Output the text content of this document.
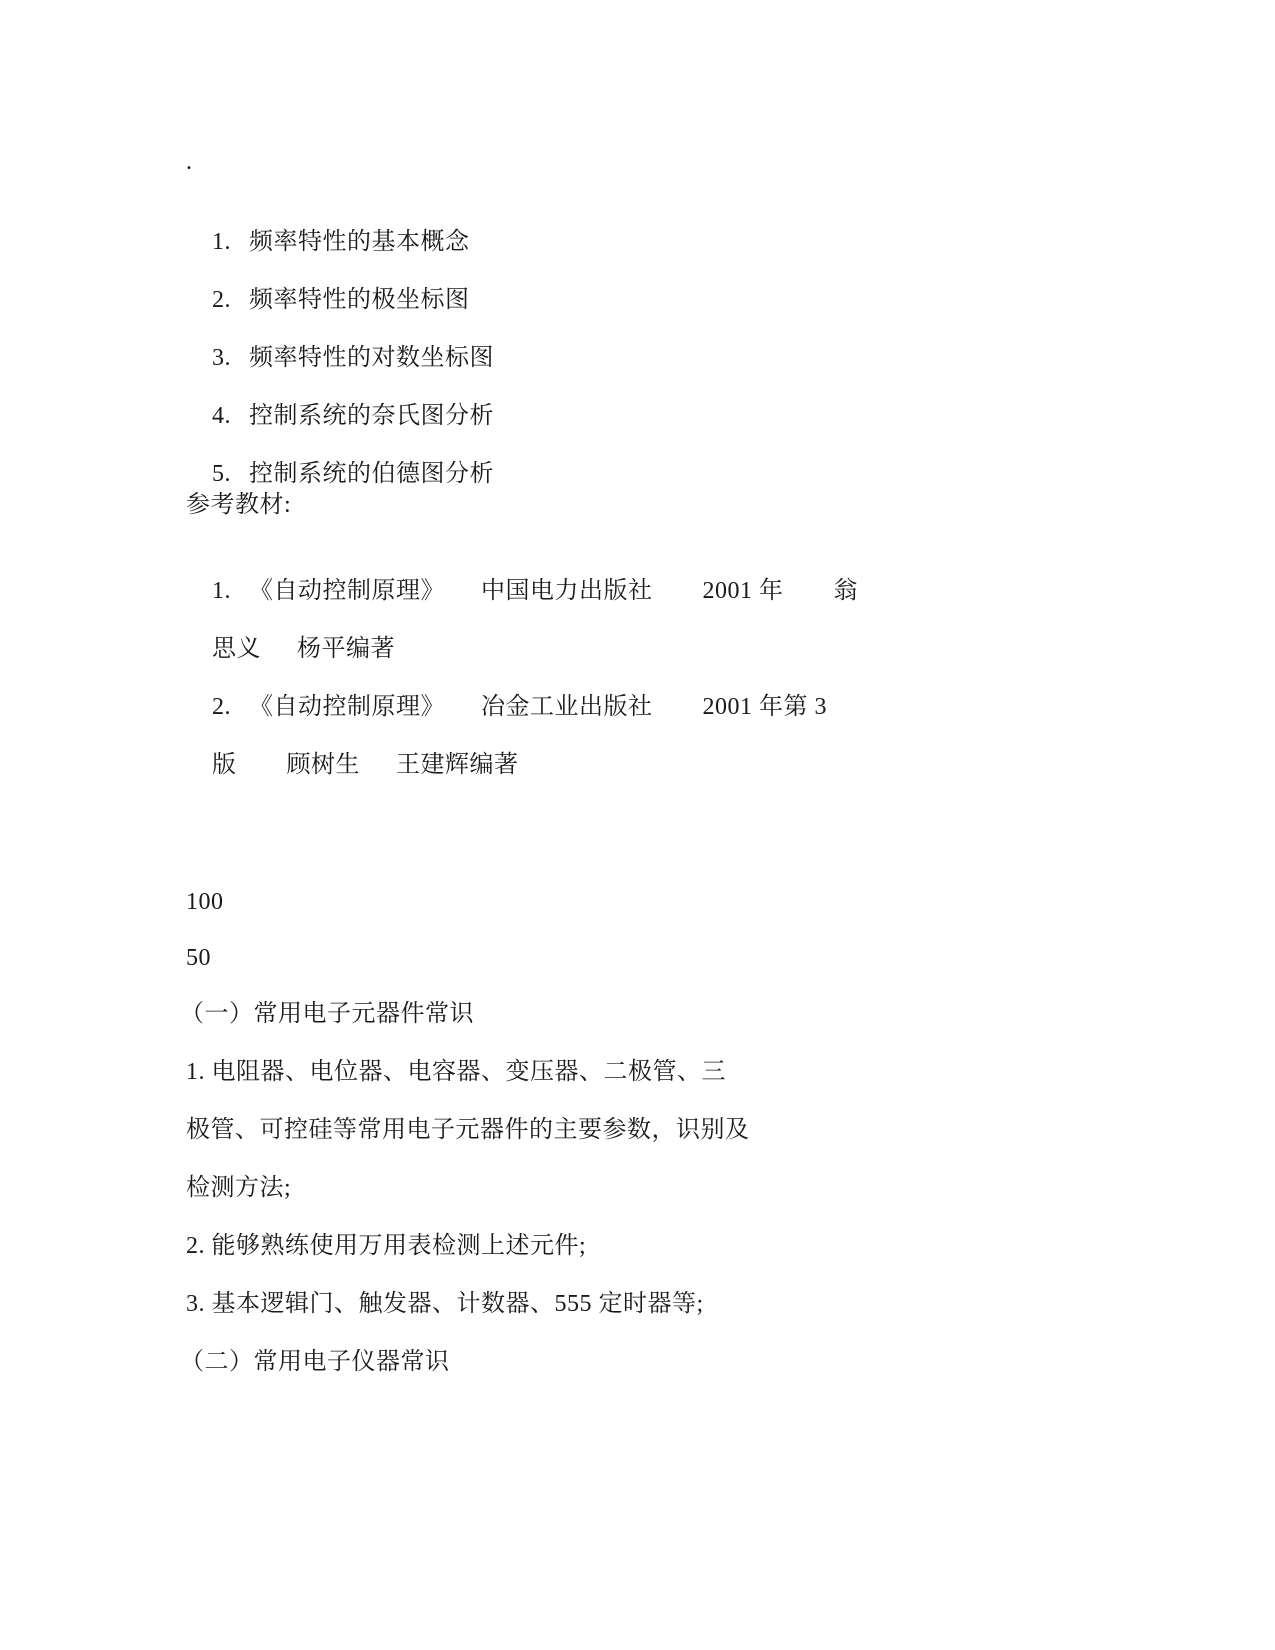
.

1. 频率特性的基本概念

2. 频率特性的极坐标图

3. 频率特性的对数坐标图

4. 控制系统的奈氏图分析

5. 控制系统的伯德图分析

参考教材:

1. 《自动控制原理》 中国电力出版社 2001 年 翁

思义 杨平编著

2. 《自动控制原理》 冶金工业出版社 2001 年第 3

版 顾树生 王建辉编著

100
50
（一）常用电子元器件常识
1. 电阻器、电位器、电容器、变压器、二极管、三
极管、可控硅等常用电子元器件的主要参数，识别及
检测方法;
2. 能够熟练使用万用表检测上述元件;
3. 基本逻辑门、触发器、计数器、555 定时器等;
（二）常用电子仪器常识
